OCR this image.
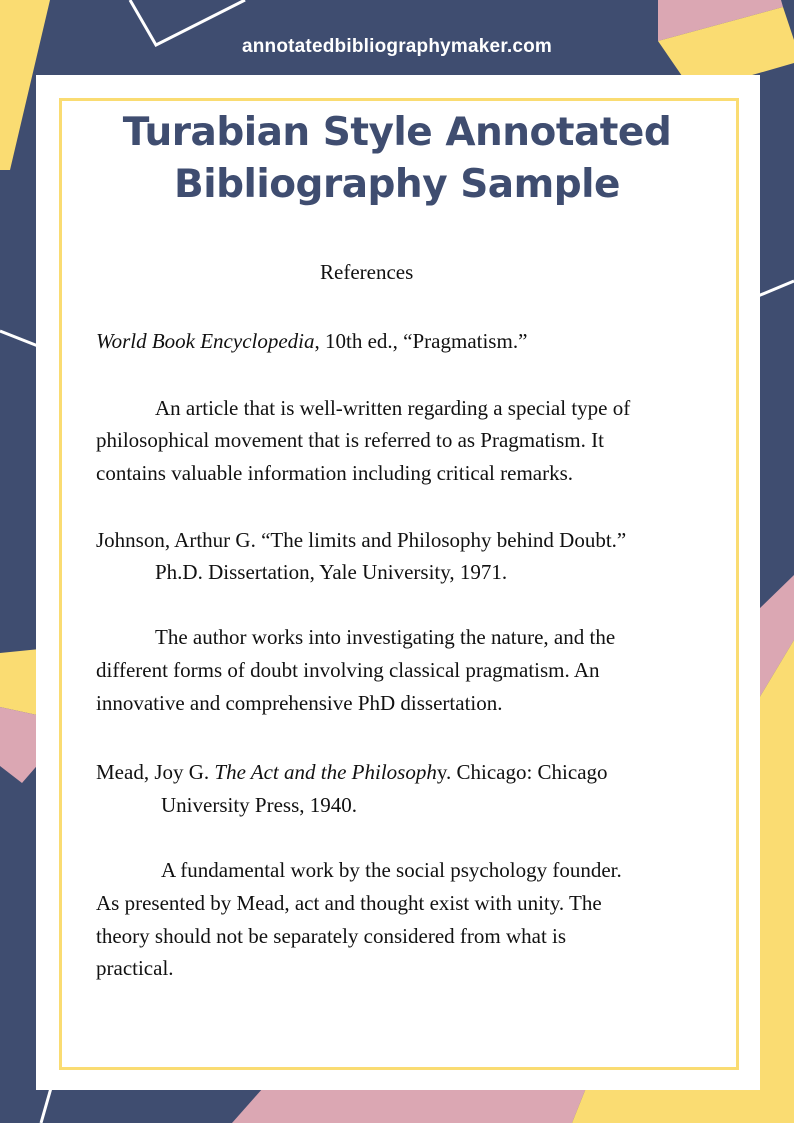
annotatedbibliographymaker.com
Turabian Style Annotated
Bibliography Sample
References
World Book Encyclopedia, 10th ed., “Pragmatism.”
An article that is well-written regarding a special type of
philosophical movement that is referred to as Pragmatism. It
contains valuable information including critical remarks.
Johnson, Arthur G. “The limits and Philosophy behind Doubt.”
Ph.D. Dissertation, Yale University, 1971.
The author works into investigating the nature, and the
different forms of doubt involving classical pragmatism. An
innovative and comprehensive PhD dissertation.
Mead, Joy G. The Act and the Philosophy. Chicago: Chicago
University Press, 1940.
A fundamental work by the social psychology founder.
As presented by Mead, act and thought exist with unity. The
theory should not be separately considered from what is
practical.
